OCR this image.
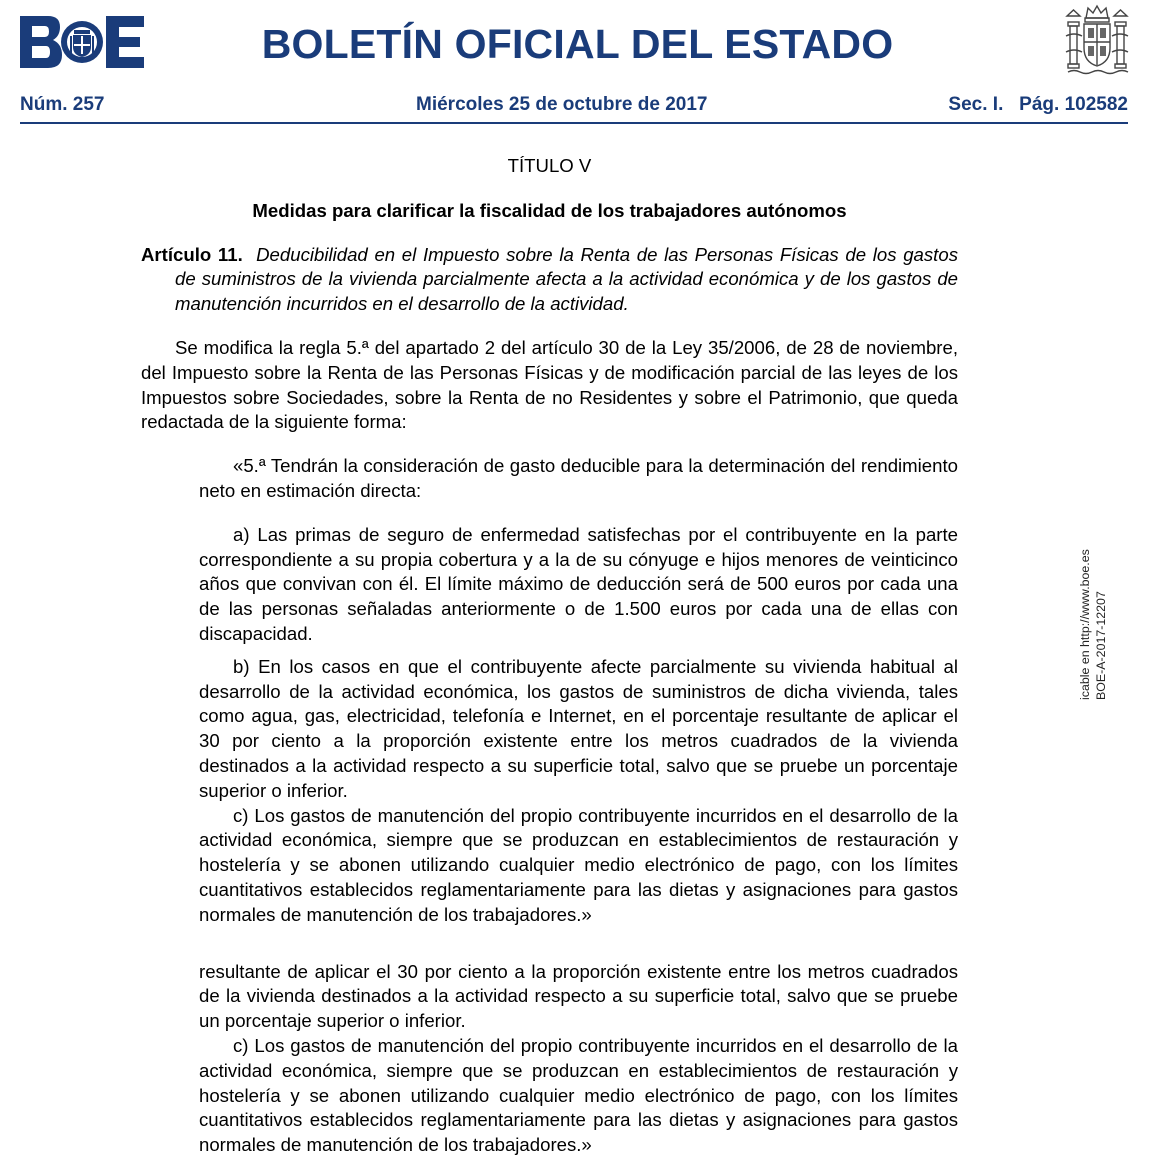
BOLETÍN OFICIAL DEL ESTADO
Núm. 257	Miércoles 25 de octubre de 2017	Sec. I.   Pág. 102582

TÍTULO V

Medidas para clarificar la fiscalidad de los trabajadores autónomos

Artículo 11. Deducibilidad en el Impuesto sobre la Renta de las Personas Físicas de los gastos de suministros de la vivienda parcialmente afecta a la actividad económica y de los gastos de manutención incurridos en el desarrollo de la actividad.

Se modifica la regla 5.ª del apartado 2 del artículo 30 de la Ley 35/2006, de 28 de noviembre, del Impuesto sobre la Renta de las Personas Físicas y de modificación parcial de las leyes de los Impuestos sobre Sociedades, sobre la Renta de no Residentes y sobre el Patrimonio, que queda redactada de la siguiente forma:

«5.ª Tendrán la consideración de gasto deducible para la determinación del rendimiento neto en estimación directa:

a) Las primas de seguro de enfermedad satisfechas por el contribuyente en la parte correspondiente a su propia cobertura y a la de su cónyuge e hijos menores de veinticinco años que convivan con él. El límite máximo de deducción será de 500 euros por cada una de las personas señaladas anteriormente o de 1.500 euros por cada una de ellas con discapacidad.

b) En los casos en que el contribuyente afecte parcialmente su vivienda habitual al desarrollo de la actividad económica, los gastos de suministros de dicha vivienda, tales como agua, gas, electricidad, telefonía e Internet, en el porcentaje resultante de aplicar el 30 por ciento a la proporción existente entre los metros cuadrados de la vivienda destinados a la actividad respecto a su superficie total, salvo que se pruebe un porcentaje superior o inferior.

c) Los gastos de manutención del propio contribuyente incurridos en el desarrollo de la actividad económica, siempre que se produzcan en establecimientos de restauración y hostelería y se abonen utilizando cualquier medio electrónico de pago, con los límites cuantitativos establecidos reglamentariamente para las dietas y asignaciones para gastos normales de manutención de los trabajadores.»

resultante de aplicar el 30 por ciento a la proporción existente entre los metros cuadrados de la vivienda destinados a la actividad respecto a su superficie total, salvo que se pruebe un porcentaje superior o inferior.

c) Los gastos de manutención del propio contribuyente incurridos en el desarrollo de la actividad económica, siempre que se produzcan en establecimientos de restauración y hostelería y se abonen utilizando cualquier medio electrónico de pago, con los límites cuantitativos establecidos reglamentariamente para las dietas y asignaciones para gastos normales de manutención de los trabajadores.»

icable en http://www.boe.es BOE-A-2017-12207
